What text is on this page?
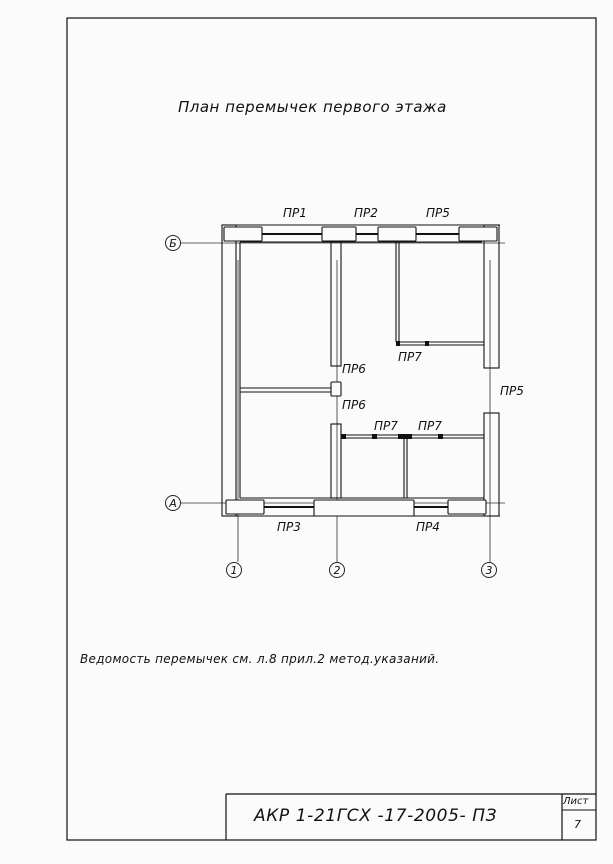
План перемычек первого этажа
Б
А
1	2	3
ПР1	ПР2	ПР5
ПР7
ПР6
ПР6
ПР5
ПР7 ПР7
ПР3	ПР4
Ведомость перемычек см. л.8 прил.2 метод.указаний.
АКР 1-21ГСХ -17-2005- ПЗ
Лист
7
